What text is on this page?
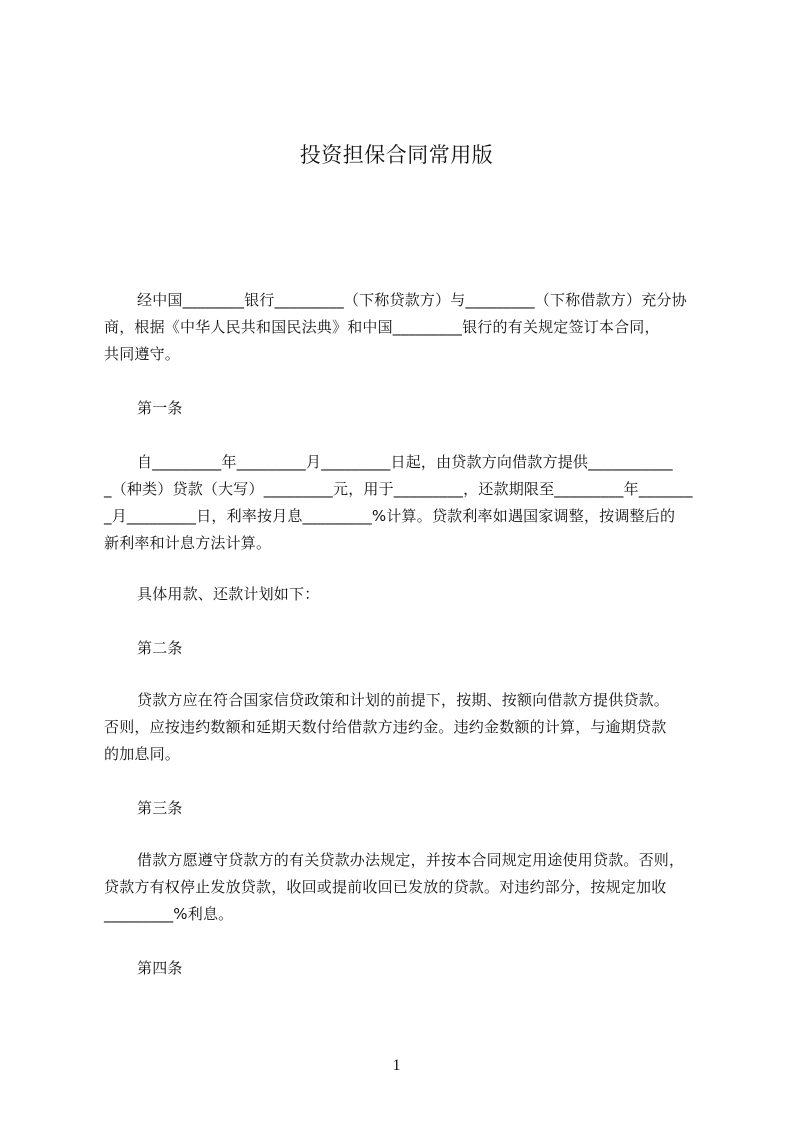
投资担保合同常用版
经中国________银行_________（下称贷款方）与_________（下称借款方）充分协
商，根据《中华人民共和国民法典》和中国_________银行的有关规定签订本合同，
共同遵守。
第一条
自_________年_________月_________日起，由贷款方向借款方提供___________
_（种类）贷款（大写）_________元，用于_________，还款期限至_________年_______
_月_________日，利率按月息_________%计算。贷款利率如遇国家调整，按调整后的
新利率和计息方法计算。
具体用款、还款计划如下：
第二条
贷款方应在符合国家信贷政策和计划的前提下，按期、按额向借款方提供贷款。
否则，应按违约数额和延期天数付给借款方违约金。违约金数额的计算，与逾期贷款
的加息同。
第三条
借款方愿遵守贷款方的有关贷款办法规定，并按本合同规定用途使用贷款。否则，
贷款方有权停止发放贷款，收回或提前收回已发放的贷款。对违约部分，按规定加收
_________%利息。
第四条
1
